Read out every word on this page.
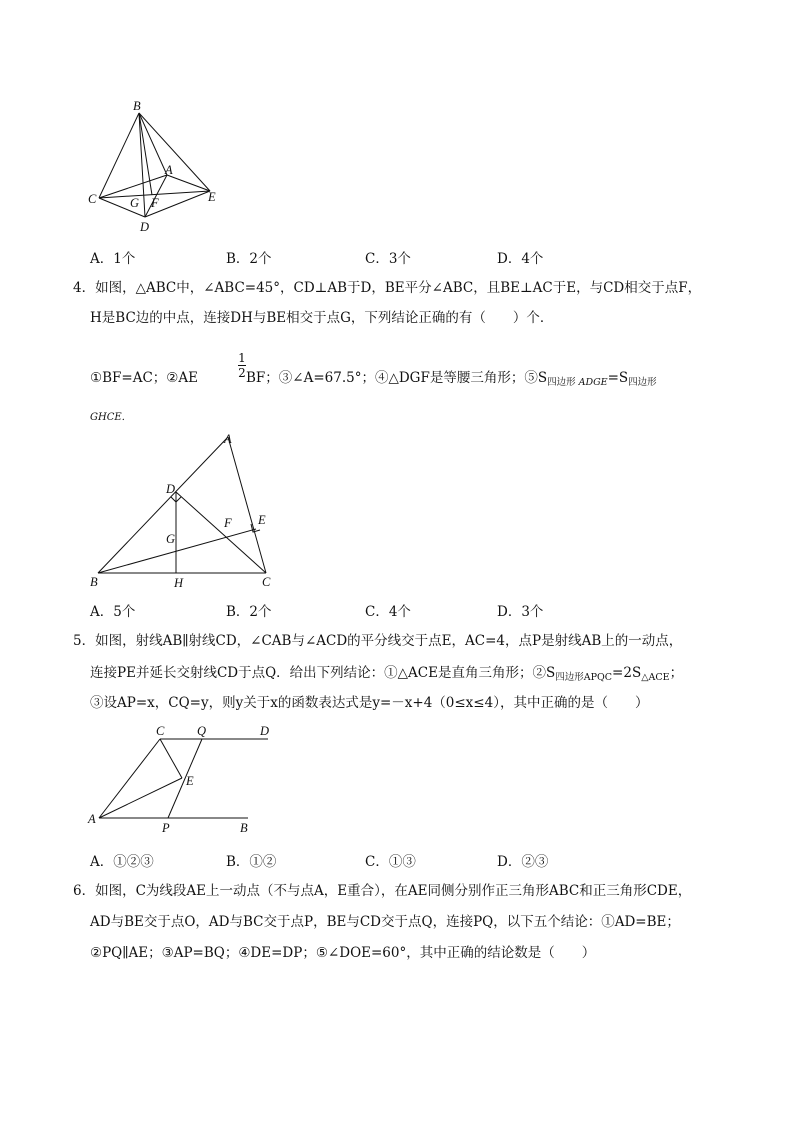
B
A
C	G F	E
D
A．1个	B．2个	C．3个	D．4个
4．如图，△ABC中，∠ABC=45°，CD⊥AB于D，BE平分∠ABC，且BE⊥AC于E，与CD相交于点F，
H是BC边的中点，连接DH与BE相交于点G，下列结论正确的有（　　）个．
①BF=AC；②AE
1
2 BF；③∠A=67.5°；④△DGF是等腰三角形；$⑤S_{四边形}$ $_{ADGE}=S_{四边形}$
GHCE．
A
D
E
F
G
B	H	C
A．5个	B．2个	C．4个	D．3个
5．如图，射线AB∥射线CD，∠CAB与∠ACD的平分线交于点E，AC=4，点P是射线AB上的一动点，
连接PE并延长交射线CD于点Q．给出下列结论：①△ACE是直角三角形；$②S_{四边形APQC}=2S_{\triangle ACE}$；
③设AP=x，CQ=y，则y关于x的函数表达式是y=－x+4（0≤x≤4），其中正确的是（　　）
C	Q	D
E
A
P	B
A．①②③	B．①②	C．①③	D．②③
6．如图，C为线段AE上一动点（不与点A，E重合），在AE同侧分别作正三角形ABC和正三角形CDE，
AD与BE交于点O，AD与BC交于点P，BE与CD交于点Q，连接PQ，以下五个结论：①AD=BE；
②PQ∥AE；③AP=BQ；④DE=DP；⑤∠DOE=60°，其中正确的结论数是（　　）
